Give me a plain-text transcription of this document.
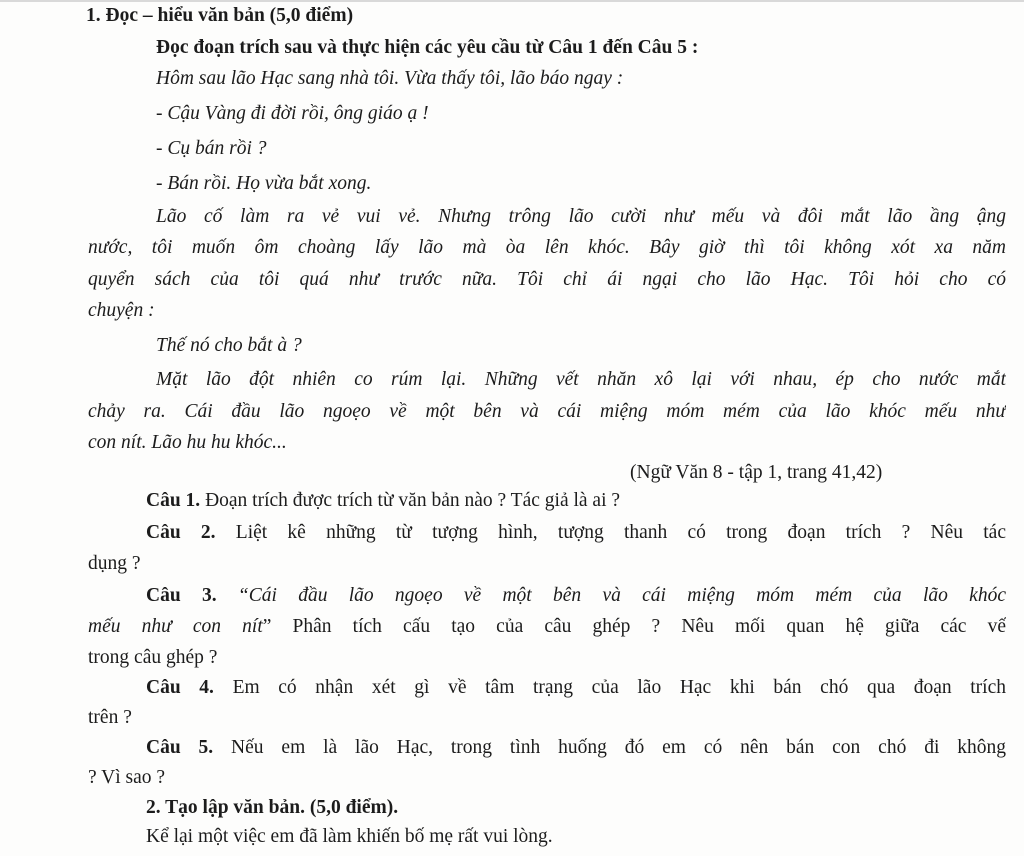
1. Đọc – hiểu văn bản (5,0 điểm)
Đọc đoạn trích sau và thực hiện các yêu cầu từ Câu 1 đến Câu 5 :
Hôm sau lão Hạc sang nhà tôi. Vừa thấy tôi, lão báo ngay :
- Cậu Vàng đi đời rồi, ông giáo ạ !
- Cụ bán rồi ?
- Bán rồi. Họ vừa bắt xong.
Lão cố làm ra vẻ vui vẻ. Nhưng trông lão cười như mếu và đôi mắt lão ầng ậng
nước, tôi muốn ôm choàng lấy lão mà òa lên khóc. Bây giờ thì tôi không xót xa năm
quyển sách của tôi quá như trước nữa. Tôi chỉ ái ngại cho lão Hạc. Tôi hỏi cho có
chuyện :
Thế nó cho bắt à ?
Mặt lão đột nhiên co rúm lại. Những vết nhăn xô lại với nhau, ép cho nước mắt
chảy ra. Cái đầu lão ngoẹo về một bên và cái miệng móm mém của lão khóc mếu như
con nít. Lão hu hu khóc...
(Ngữ Văn 8 - tập 1, trang 41,42)
Câu 1. Đoạn trích được trích từ văn bản nào ? Tác giả là ai ?
Câu 2. Liệt kê những từ tượng hình, tượng thanh có trong đoạn trích ? Nêu tác
dụng ?
Câu 3. “Cái đầu lão ngoẹo về một bên và cái miệng móm mém của lão khóc
mếu như con nít” Phân tích cấu tạo của câu ghép ? Nêu mối quan hệ giữa các vế
trong câu ghép ?
Câu 4. Em có nhận xét gì về tâm trạng của lão Hạc khi bán chó qua đoạn trích
trên ?
Câu 5. Nếu em là lão Hạc, trong tình huống đó em có nên bán con chó đi không
? Vì sao ?
2. Tạo lập văn bản. (5,0 điểm).
Kể lại một việc em đã làm khiến bố mẹ rất vui lòng.
